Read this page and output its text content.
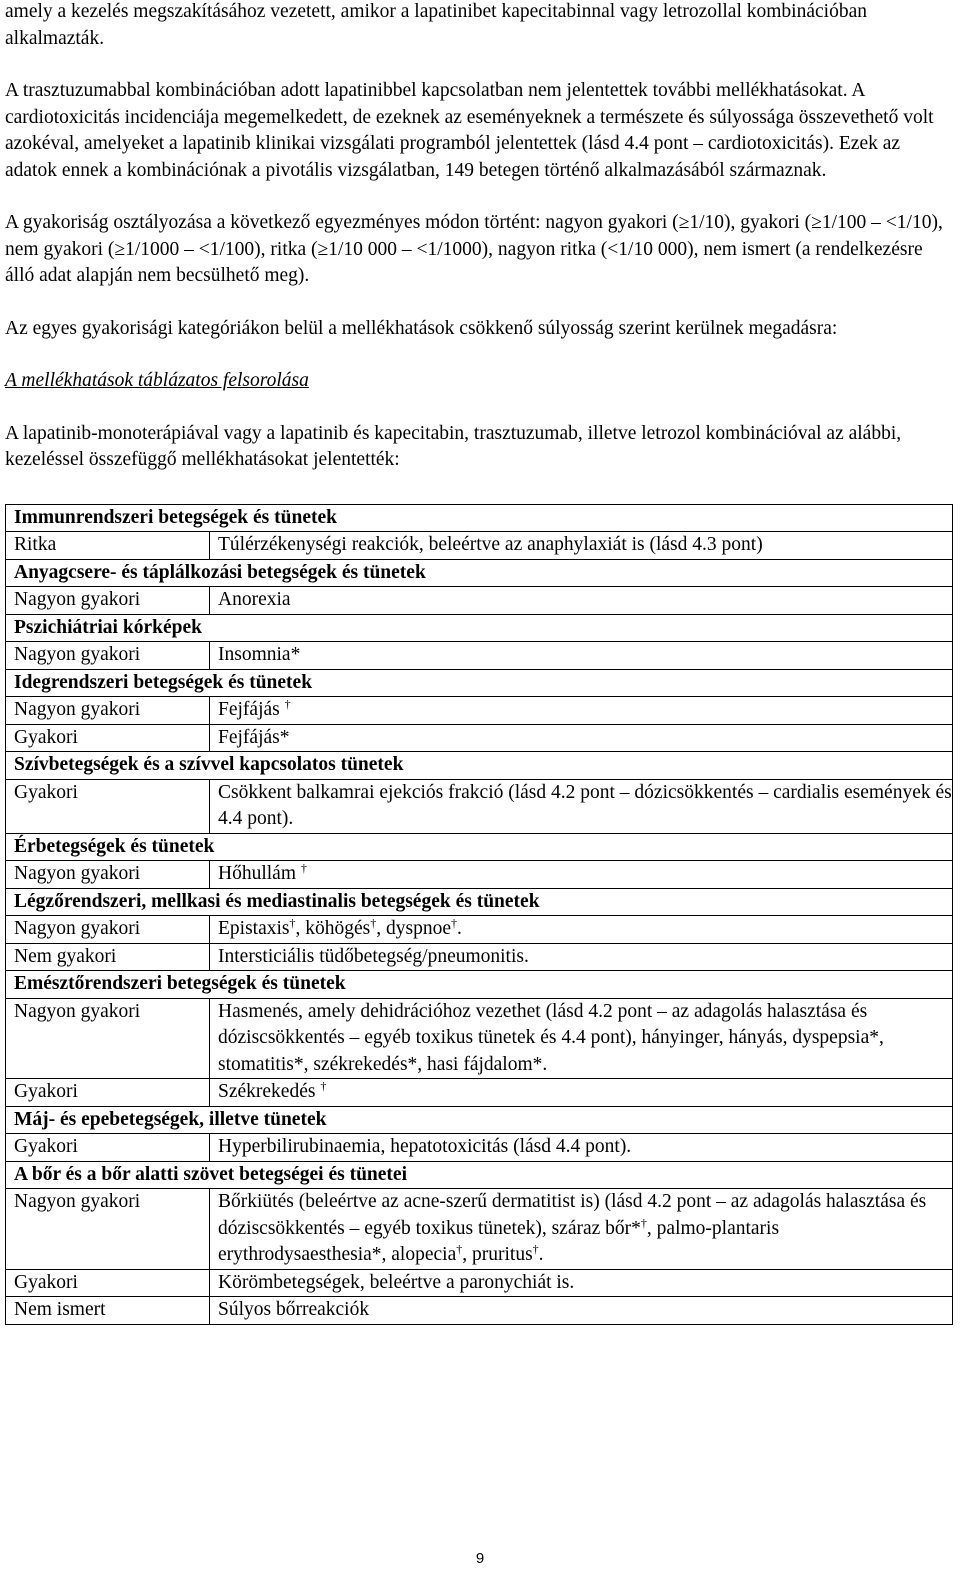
amely a kezelés megszakításához vezetett, amikor a lapatinibet kapecitabinnal vagy letrozollal kombinációban alkalmazták.

A trasztuzumabbal kombinációban adott lapatinibbel kapcsolatban nem jelentettek további mellékhatásokat. A cardiotoxicitás incidenciája megemelkedett, de ezeknek az eseményeknek a természete és súlyossága összevethető volt azokéval, amelyeket a lapatinib klinikai vizsgálati programból jelentettek (lásd 4.4 pont – cardiotoxicitás). Ezek az adatok ennek a kombinációnak a pivotális vizsgálatban, 149 betegen történő alkalmazásából származnak.

A gyakoriság osztályozása a következő egyezményes módon történt: nagyon gyakori (≥1/10), gyakori (≥1/100 – <1/10), nem gyakori (≥1/1000 – <1/100), ritka (≥1/10 000 – <1/1000), nagyon ritka (<1/10 000), nem ismert (a rendelkezésre álló adat alapján nem becsülhető meg).

Az egyes gyakorisági kategóriákon belül a mellékhatások csökkenő súlyosság szerint kerülnek megadásra:

A mellékhatások táblázatos felsorolása

A lapatinib-monoterápiával vagy a lapatinib és kapecitabin, trasztuzumab, illetve letrozol kombinációval az alábbi, kezeléssel összefüggő mellékhatásokat jelentették:

Immunrendszeri betegségek és tünetek	
Ritka	Túlérzékenységi reakciók, beleértve az anaphylaxiát is (lásd 4.3 pont)
Anyagcsere- és táplálkozási betegségek és tünetek	
Nagyon gyakori	Anorexia
Pszichiátriai kórképek	
Nagyon gyakori	Insomnia*
Idegrendszeri betegségek és tünetek	
Nagyon gyakori	Fejfájás †
Gyakori	Fejfájás*
Szívbetegségek és a szívvel kapcsolatos tünetek	
Gyakori	Csökkent balkamrai ejekciós frakció (lásd 4.2 pont – dózicsökkentés – cardialis események és 4.4 pont).
Érbetegségek és tünetek	
Nagyon gyakori	Hőhullám †
Légzőrendszeri, mellkasi és mediastinalis betegségek és tünetek	
Nagyon gyakori	Epistaxis†, köhögés†, dyspnoe†.
Nem gyakori	Intersticiális tüdőbetegség/pneumonitis.
Emésztőrendszeri betegségek és tünetek	
Nagyon gyakori	Hasmenés, amely dehidrációhoz vezethet (lásd 4.2 pont – az adagolás halasztása és dóziscsökkentés – egyéb toxikus tünetek és 4.4 pont), hányinger, hányás, dyspepsia*, stomatitis*, székrekedés*, hasi fájdalom*.
Gyakori	Székrekedés †
Máj- és epebetegségek, illetve tünetek	
Gyakori	Hyperbilirubinaemia, hepatotoxicitás (lásd 4.4 pont).
A bőr és a bőr alatti szövet betegségei és tünetei	
Nagyon gyakori	Bőrkiütés (beleértve az acne-szerű dermatitist is) (lásd 4.2 pont – az adagolás halasztása és dóziscsökkentés – egyéb toxikus tünetek), száraz bőr*†, palmo-plantaris erythrodysaesthesia*, alopecia†, pruritus†.
Gyakori	Körömbetegségek, beleértve a paronychiát is.
Nem ismert	Súlyos bőrreakciók
9
